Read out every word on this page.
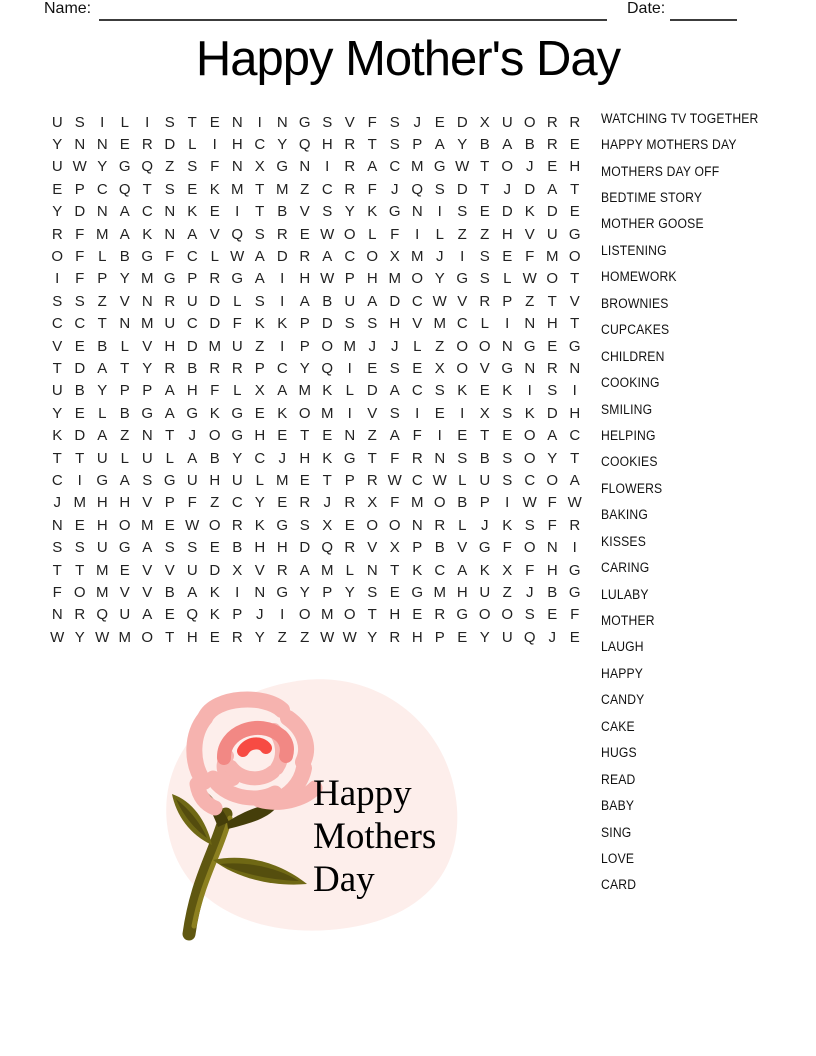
Name:	Date:
Happy Mother's Day
U S	I	L	I	S T E N I	N G S V F S J E D X U O R R
Y N N E R D L	I	H C Y Q H R T S P A Y B A B R E
U W Y G Q Z S F N X G N I	R A C M G W T O J E H
E P C Q T S E K M T M Z C R F J Q S D T J D A T
Y D N A C N K E	I	T B V S Y K G N I	S E D K D E
R F M A K N A V Q S R E W O L F	I	L Z Z H V U G
O F L B G F C L W A D R A C O X M J	I	S E F M O
I	F P Y M G P R G A	I	H W P H M O Y G S L W O T
S S Z V N R U D L S	I	A B U A D C W V R P Z T V
C C T N M U C D F K K P D S S H V M C L	I	N H T
V E B L V H D M U Z	I	P O M J	J L Z O O N G E G
T D A T Y R B R R P C Y Q I	E S E X O V G N R N
U B Y P P A H F L X A M K L D A C S K E K	I	S	I
Y E L B G A G K G E K O M I	V S	I	E	I	X S K D H
K D A Z N T J O G H E T E N Z A F	I	E T E O A C
T T U L U L A B Y C J H K G T F R N S B S O Y T
C I G A S G U H U L M E T P R W C W L U S C O A
J M H H V P F Z C Y E R J R X F M O B P	I W F W
N E H O M E W O R K G S X E O O N R L J K S F R
S S U G A S S E B H H D Q R V X P B V G F O N I
T T M E V V U D X V R A M L N T K C A K X F H G
F O M V V B A K	I	N G Y P Y S E G M H U Z J B G
N R Q U A E Q K P J	I O M O T H E R G O O S E F
W Y W M O T H E R Y Z Z W W Y R H P E Y U Q J E
WATCHING TV TOGETHER
HAPPY MOTHERS DAY
MOTHERS DAY OFF
BEDTIME STORY
MOTHER GOOSE
LISTENING
HOMEWORK
BROWNIES
CUPCAKES
CHILDREN
COOKING
SMILING
HELPING
COOKIES
FLOWERS
BAKING
KISSES
CARING
LULABY
MOTHER
LAUGH
HAPPY
CANDY
CAKE
HUGS
READ
BABY
SING
LOVE
CARD
Happy
Mothers
Day
